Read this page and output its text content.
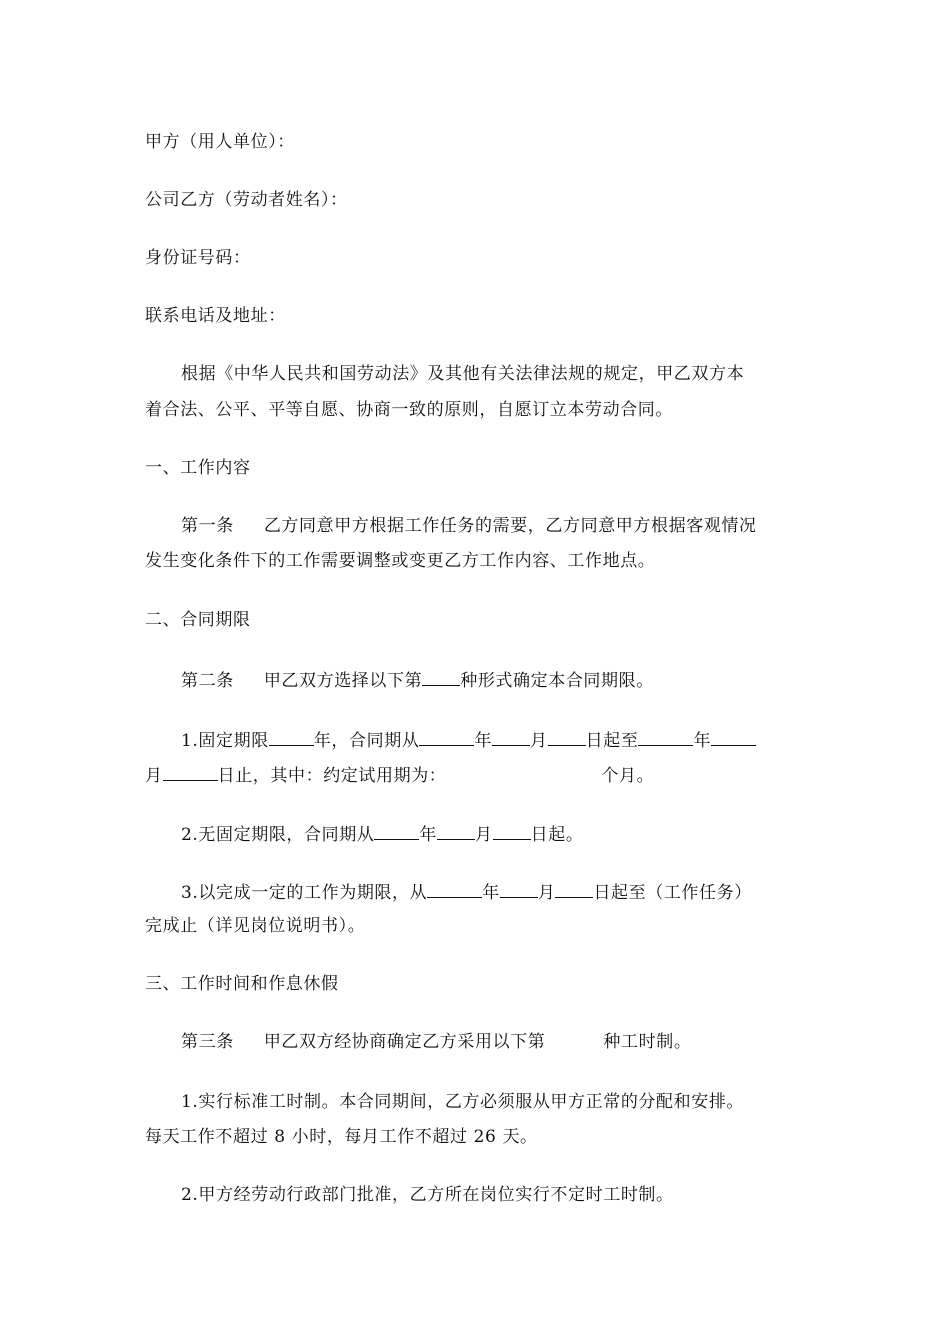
甲方（用人单位）：
公司乙方（劳动者姓名）：
身份证号码：
联系电话及地址：
根据《中华人民共和国劳动法》及其他有关法律法规的规定，甲乙双方本
着合法、公平、平等自愿、协商一致的原则，自愿订立本劳动合同。
一、工作内容
第一条 乙方同意甲方根据工作任务的需要，乙方同意甲方根据客观情况
发生变化条件下的工作需要调整或变更乙方工作内容、工作地点。
二、合同期限
第二条 甲乙双方选择以下第 种形式确定本合同期限。
1.固定期限	年，合同期从	年 月 日起至	年
月	日止，其中：约定试用期为：	个月。
2.无固定期限，合同期从	年 月 日起。
3.以完成一定的工作为期限，从	年 月 日起至（工作任务）
完成止（详见岗位说明书）。
三、工作时间和作息休假
第三条 甲乙双方经协商确定乙方采用以下第	种工时制。
1.实行标准工时制。本合同期间，乙方必须服从甲方正常的分配和安排。
每天工作不超过 8 小时，每月工作不超过 26 天。
2.甲方经劳动行政部门批准，乙方所在岗位实行不定时工时制。
